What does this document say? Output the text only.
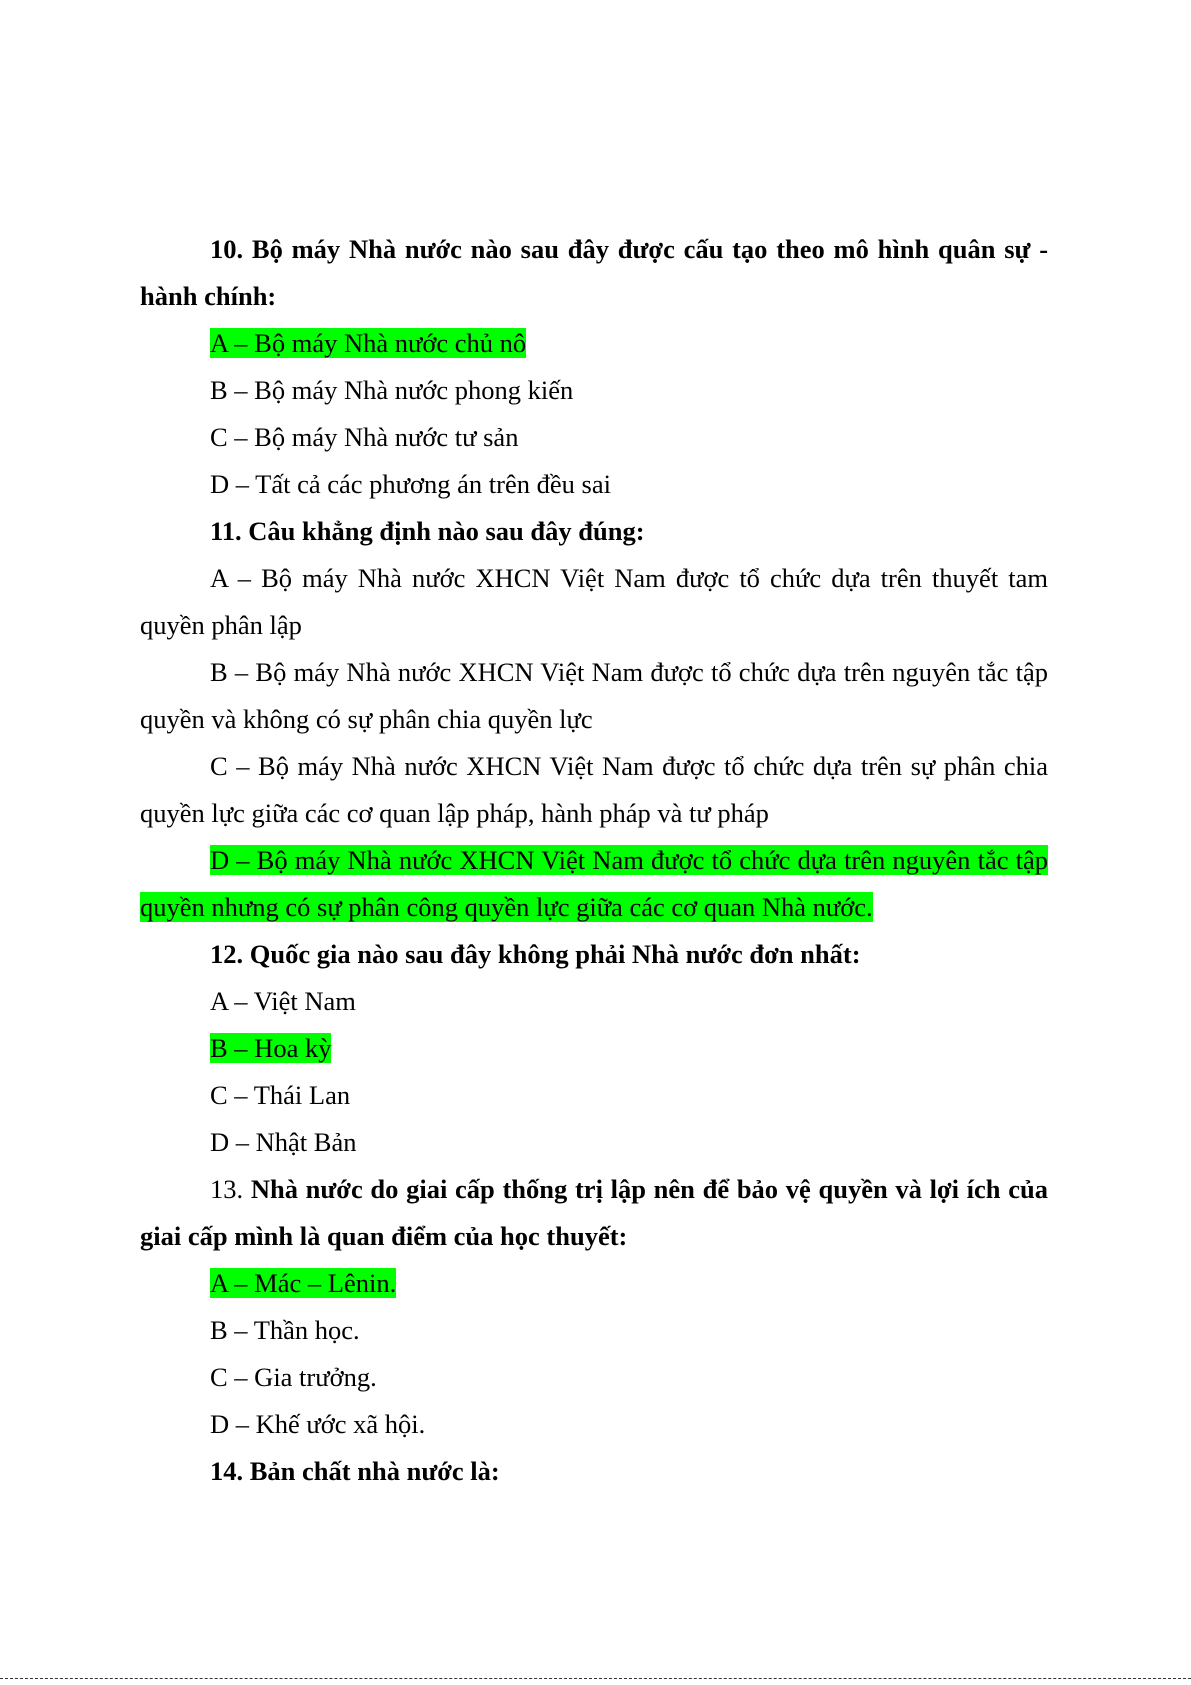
10. Bộ máy Nhà nước nào sau đây được cấu tạo theo mô hình quân sự - hành chính:
A – Bộ máy Nhà nước chủ nô
B – Bộ máy Nhà nước phong kiến
C – Bộ máy Nhà nước tư sản
D – Tất cả các phương án trên đều sai
11. Câu khẳng định nào sau đây đúng:
A – Bộ máy Nhà nước XHCN Việt Nam được tổ chức dựa trên thuyết tam quyền phân lập
B – Bộ máy Nhà nước XHCN Việt Nam được tổ chức dựa trên nguyên tắc tập quyền và không có sự phân chia quyền lực
C – Bộ máy Nhà nước XHCN Việt Nam được tổ chức dựa trên sự phân chia quyền lực giữa các cơ quan lập pháp, hành pháp và tư pháp
D – Bộ máy Nhà nước XHCN Việt Nam được tổ chức dựa trên nguyên tắc tập quyền nhưng có sự phân công quyền lực giữa các cơ quan Nhà nước.
12. Quốc gia nào sau đây không phải Nhà nước đơn nhất:
A – Việt Nam
B – Hoa kỳ
C – Thái Lan
D – Nhật Bản
13. Nhà nước do giai cấp thống trị lập nên để bảo vệ quyền và lợi ích của giai cấp mình là quan điểm của học thuyết:
A – Mác – Lênin.
B – Thần học.
C – Gia trưởng.
D – Khế ước xã hội.
14. Bản chất nhà nước là:
